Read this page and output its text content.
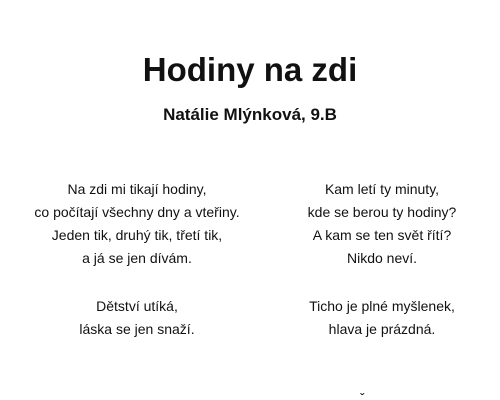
Hodiny na zdi
Natálie Mlýnková, 9.B
Na zdi mi tikají hodiny,
co počítají všechny dny a vteřiny.
Jeden tik, druhý tik, třetí tik,
a já se jen dívám.
Dětství utíká,
láska se jen snaží.
Kam letí ty minuty,
kde se berou ty hodiny?
A kam se ten svět řítí?
Nikdo neví.
Ticho je plné myšlenek,
hlava je prázdná.
ˇ
